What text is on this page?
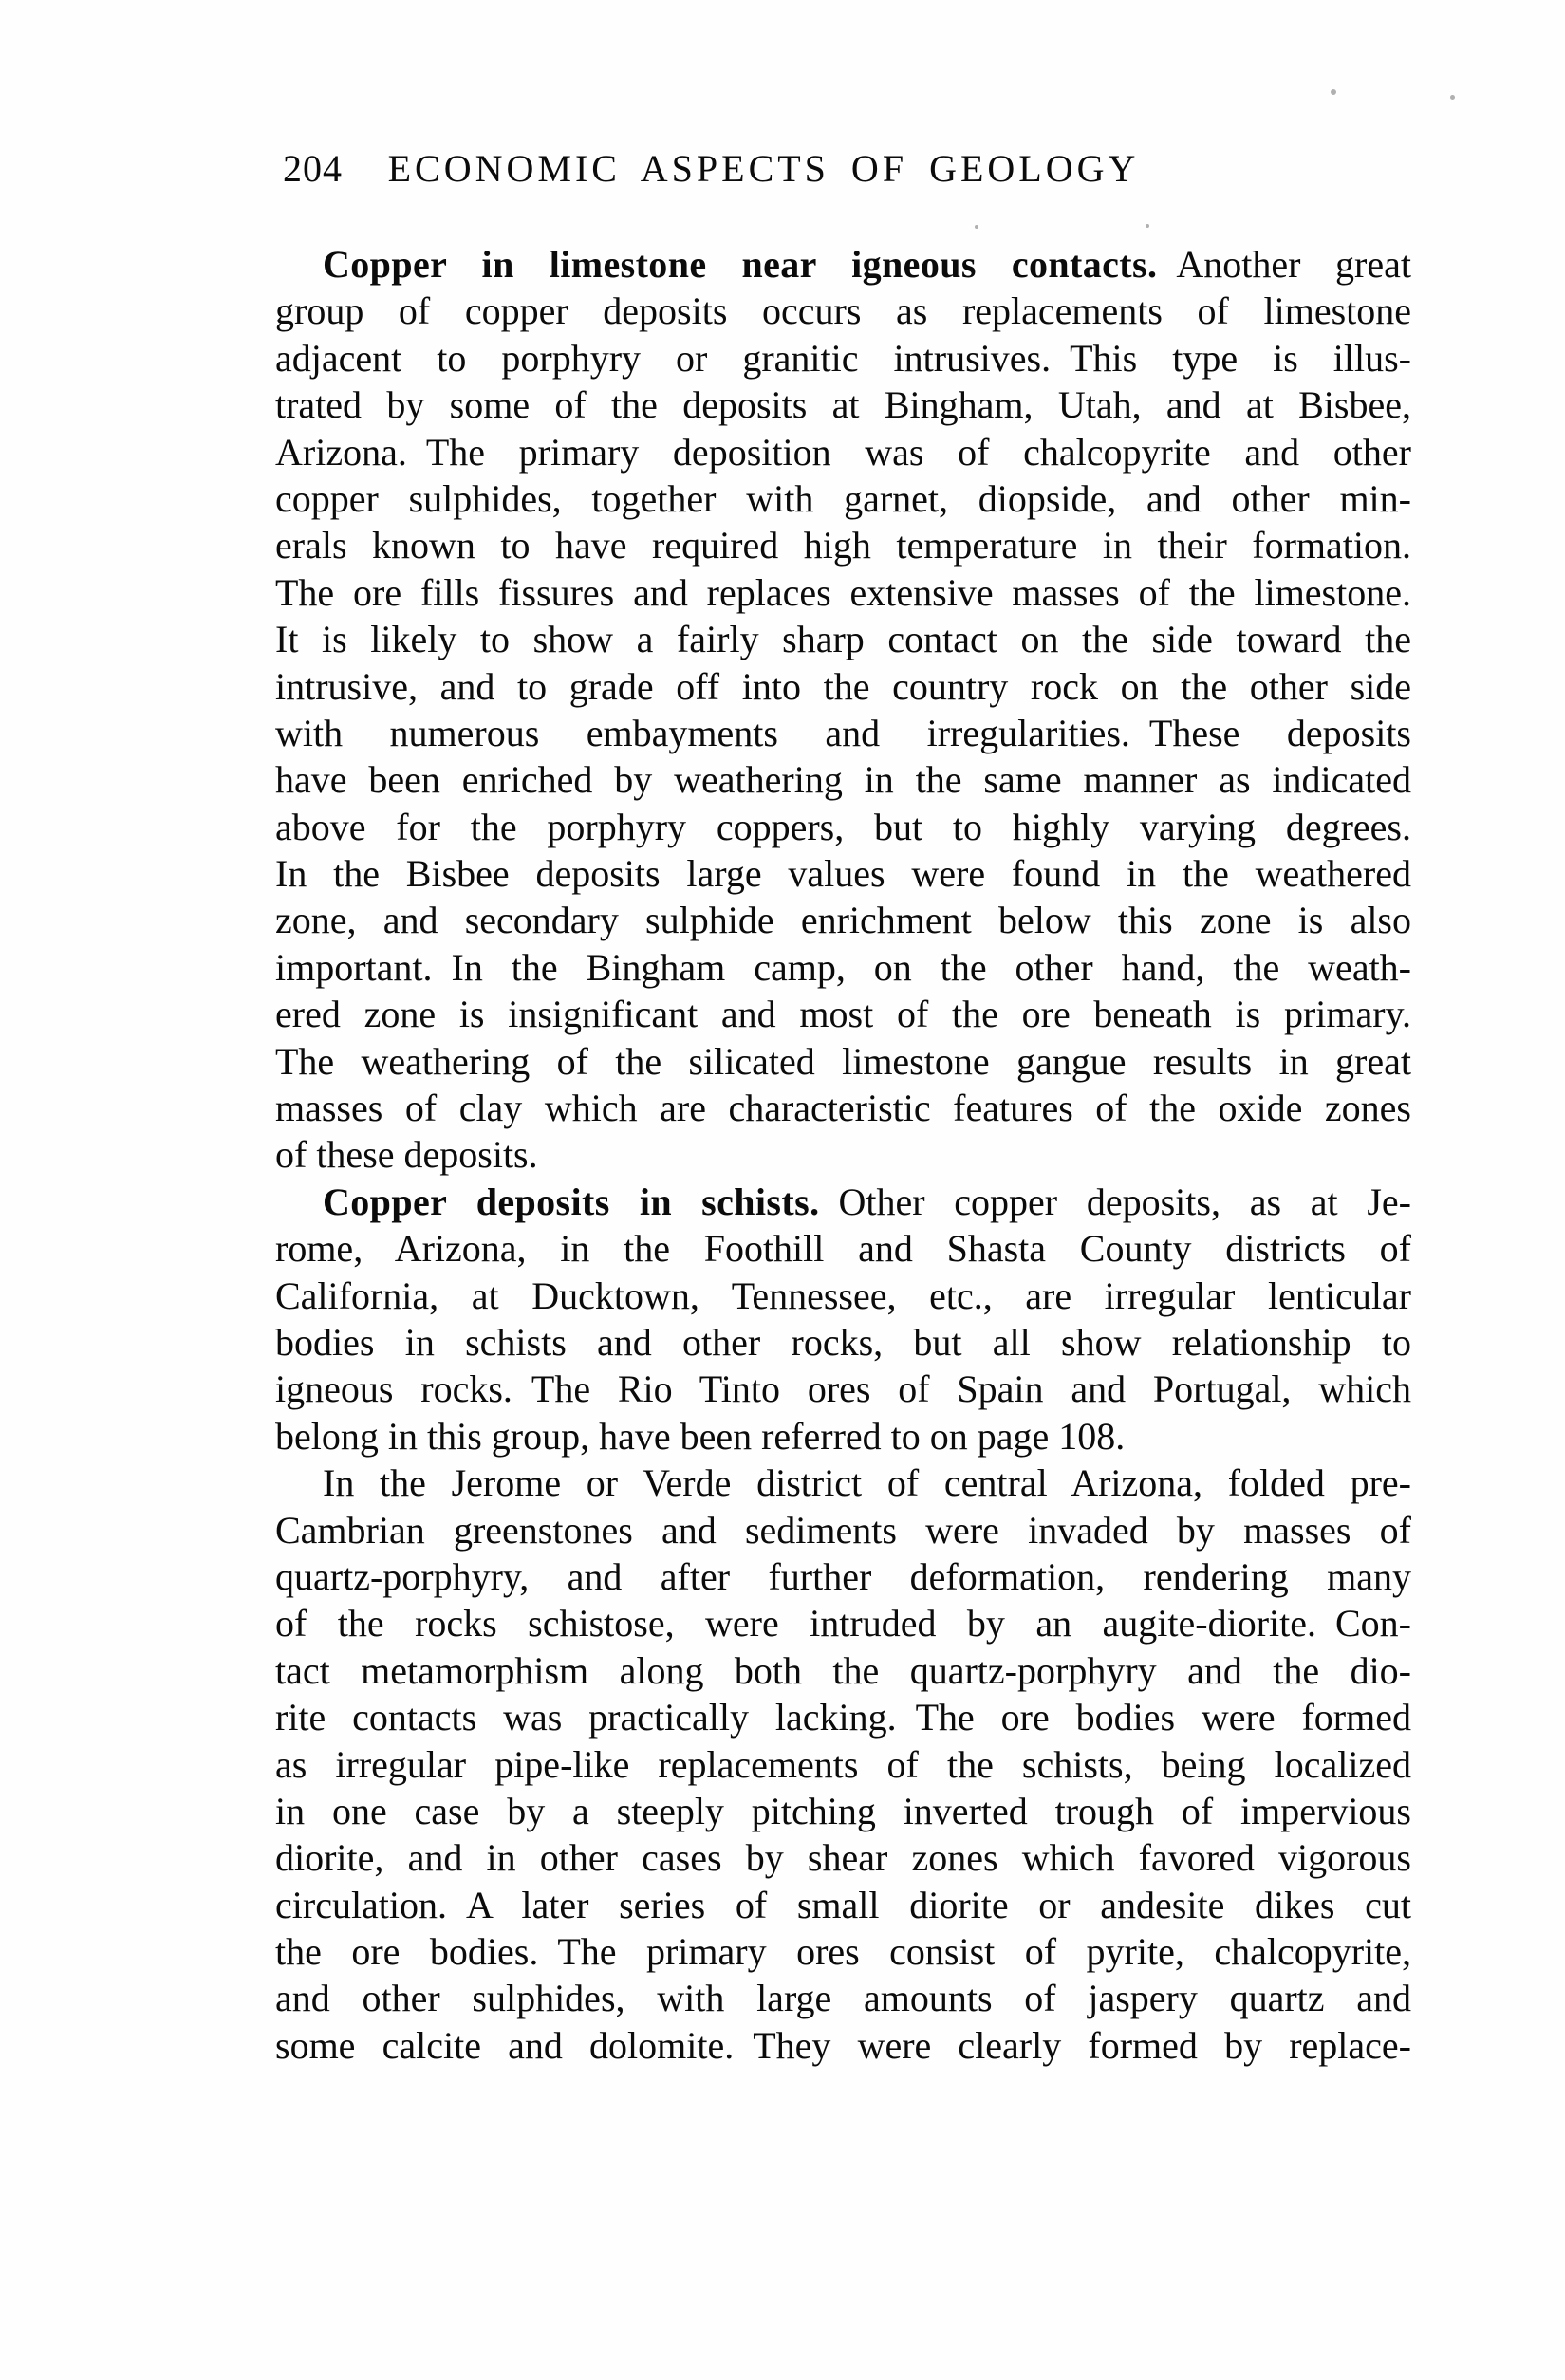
204	ECONOMIC ASPECTS OF GEOLOGY
Copper in limestone near igneous contacts. Another great
group of copper deposits occurs as replacements of limestone
adjacent to porphyry or granitic intrusives. This type is illus-
trated by some of the deposits at Bingham, Utah, and at Bisbee,
Arizona. The primary deposition was of chalcopyrite and other
copper sulphides, together with garnet, diopside, and other min-
erals known to have required high temperature in their formation.
The ore fills fissures and replaces extensive masses of the limestone.
It is likely to show a fairly sharp contact on the side toward the
intrusive, and to grade off into the country rock on the other side
with numerous embayments and irregularities. These deposits
have been enriched by weathering in the same manner as indicated
above for the porphyry coppers, but to highly varying degrees.
In the Bisbee deposits large values were found in the weathered
zone, and secondary sulphide enrichment below this zone is also
important. In the Bingham camp, on the other hand, the weath-
ered zone is insignificant and most of the ore beneath is primary.
The weathering of the silicated limestone gangue results in great
masses of clay which are characteristic features of the oxide zones
of these deposits.
Copper deposits in schists. Other copper deposits, as at Je-
rome, Arizona, in the Foothill and Shasta County districts of
California, at Ducktown, Tennessee, etc., are irregular lenticular
bodies in schists and other rocks, but all show relationship to
igneous rocks. The Rio Tinto ores of Spain and Portugal, which
belong in this group, have been referred to on page 108.
In the Jerome or Verde district of central Arizona, folded pre-
Cambrian greenstones and sediments were invaded by masses of
quartz-porphyry, and after further deformation, rendering many
of the rocks schistose, were intruded by an augite-diorite. Con-
tact metamorphism along both the quartz-porphyry and the dio-
rite contacts was practically lacking. The ore bodies were formed
as irregular pipe-like replacements of the schists, being localized
in one case by a steeply pitching inverted trough of impervious
diorite, and in other cases by shear zones which favored vigorous
circulation. A later series of small diorite or andesite dikes cut
the ore bodies. The primary ores consist of pyrite, chalcopyrite,
and other sulphides, with large amounts of jaspery quartz and
some calcite and dolomite. They were clearly formed by replace-
